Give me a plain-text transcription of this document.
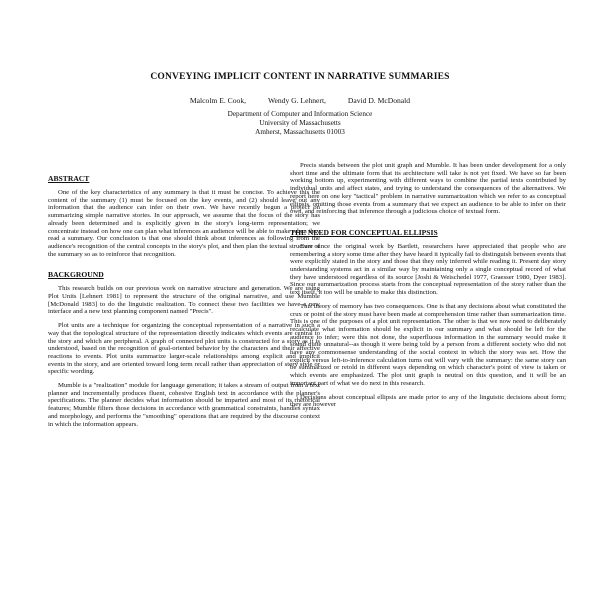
CONVEYING IMPLICIT CONTENT IN NARRATIVE SUMMARIES
Malcolm E. Cook,	Wendy G. Lehnert,	David D. McDonald
Department of Computer and Information Science
University of Massachusetts
Amherst, Massachusetts 01003
ABSTRACT

One of the key characteristics of any summary is that it must be concise. To achieve this the content of the summary (1) must be focused on the key events, and (2) should leave out any information that the audience can infer on their own. We have recently begun a project on summarizing simple narrative stories. In our approach, we assume that the focus of the story has already been determined and is explicitly given in the story's long-term representation; we concentrate instead on how one can plan what inferences an audience will be able to make when they read a summary. Our conclusion is that one should think about inferences as following from the audience's recognition of the central concepts in the story's plot, and then plan the textual structure of the summary so as to reinforce that recognition.

BACKGROUND

This research builds on our previous work on narrative structure and generation. We are using Plot Units [Lehnert 1981] to represent the structure of the original narrative, and use Mumble [McDonald 1983] to do the linguistic realization. To connect these two facilities we have a new interface and a new text planning component named "Precis".

Plot units are a technique for organizing the conceptual representation of a narrative in such a way that the topological structure of the representation directly indicates which events are central to the story and which are peripheral. A graph of connected plot units is constructed for a story as it is understood, based on the recognition of goal-oriented behavior by the characters and their affective reactions to events. Plot units summarize larger-scale relationships among explicit and implicit events in the story, and are oriented toward long term recall rather than appreciation of story style or specific wording.

Mumble is a "realization" module for language generation; it takes a stream of output from a text planner and incrementally produces fluent, cohesive English text in accordance with the planner's specifications. The planner decides what information should be imparted and most of its rhetorical features; Mumble filters those decisions in accordance with grammatical constraints, handles syntax and morphology, and performs the "smoothing" operations that are required by the discourse context in which the information appears.

Precis stands between the plot unit graph and Mumble. It has been under development for a only short time and the ultimate form that its architecture will take is not yet fixed. We have so far been working bottom up, experimenting with different ways to combine the partial texts contributed by individual units and affect states, and trying to understand the consequences of the alternatives. We report here on one key "tactical" problem in narrative summarization which we refer to as conceptual ellipsis, omitting those events from a summary that we expect an audience to be able to infer on their own, and reinforcing that inference through a judicious choice of textual form.

THE NEED FOR CONCEPTUAL ELLIPSIS

Ever since the original work by Bartlett, researchers have appreciated that people who are remembering a story some time after they have heard it typically fail to distinguish between events that were explicitly stated in the story and those that they only inferred while reading it. Present day story understanding systems act in a similar way by maintaining only a single conceptual record of what they have understood regardless of its source [Joshi & Weischedel 1977, Graesser 1980, Dyer 1983]. Since our summarization process starts from the conceptual representation of the story rather than the text itself, it too will be unable to make this distinction.

This theory of memory has two consequences. One is that any decisions about what constituted the crux or point of the story must have been made at comprehension time rather than summarization time. This is one of the purposes of a plot unit representation. The other is that we now need to deliberately recalculate what information should be explicit in our summary and what should be left for the audience to infer; were this not done, the superfluous information in the summary would make it sound quite unnatural--as though it were being told by a person from a different society who did not have any commonsense understanding of the social context in which the story was set. How the explicit versus left-to-inference calculation turns out will vary with the summary: the same story can be summarized or retold in different ways depending on which character's point of view is taken or which events are emphasized. The plot unit graph is neutral on this question, and it will be an important part of what we do next in this research.

Decisions about conceptual ellipsis are made prior to any of the linguistic decisions about form; they are however
